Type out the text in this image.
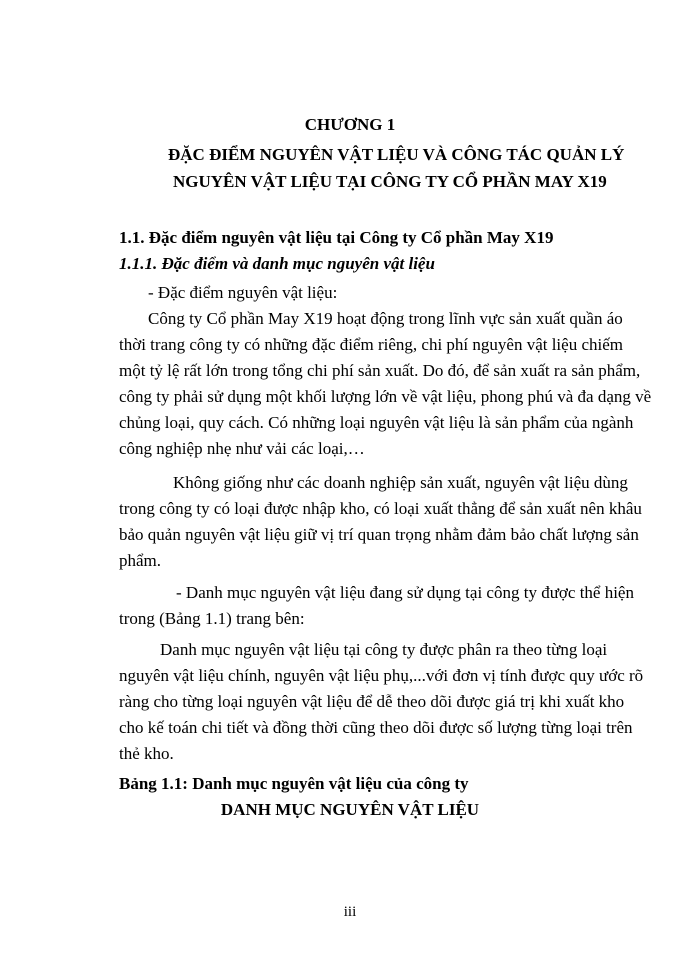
CHƯƠNG 1
ĐẶC ĐIỂM NGUYÊN VẬT LIỆU VÀ CÔNG TÁC QUẢN LÝ
NGUYÊN VẬT LIỆU TẠI CÔNG TY CỔ PHẦN MAY X19
1.1. Đặc điểm nguyên vật liệu tại Công ty Cổ phần May X19
1.1.1. Đặc điểm và danh mục nguyên vật liệu
- Đặc điểm nguyên vật liệu:
Công ty Cổ phần May X19 hoạt động trong lĩnh vực sản xuất quần áo
thời trang công ty có những đặc điểm riêng, chi phí nguyên vật liệu chiếm
một tỷ lệ rất lớn trong tổng chi phí sản xuất. Do đó, để sản xuất ra sản phẩm,
công ty phải sử dụng một khối lượng lớn về vật liệu, phong phú và đa dạng về
chủng loại, quy cách. Có những loại nguyên vật liệu là sản phẩm của ngành
công nghiệp nhẹ như vải các loại,…
Không giống như các doanh nghiệp sản xuất, nguyên vật liệu dùng
trong công ty có loại được nhập kho, có loại xuất thẳng để sản xuất nên khâu
bảo quản nguyên vật liệu giữ vị trí quan trọng nhằm đảm bảo chất lượng sản
phẩm.
- Danh mục nguyên vật liệu đang sử dụng tại công ty được thể hiện
trong (Bảng 1.1) trang bên:
Danh mục nguyên vật liệu tại công ty được phân ra theo từng loại
nguyên vật liệu chính, nguyên vật liệu phụ,...với đơn vị tính được quy ước rõ
ràng cho từng loại nguyên vật liệu để dễ theo dõi được giá trị khi xuất kho
cho kế toán chi tiết và đồng thời cũng theo dõi được số lượng từng loại trên
thẻ kho.
Bảng 1.1: Danh mục nguyên vật liệu của công ty
DANH MỤC NGUYÊN VẬT LIỆU
iii
